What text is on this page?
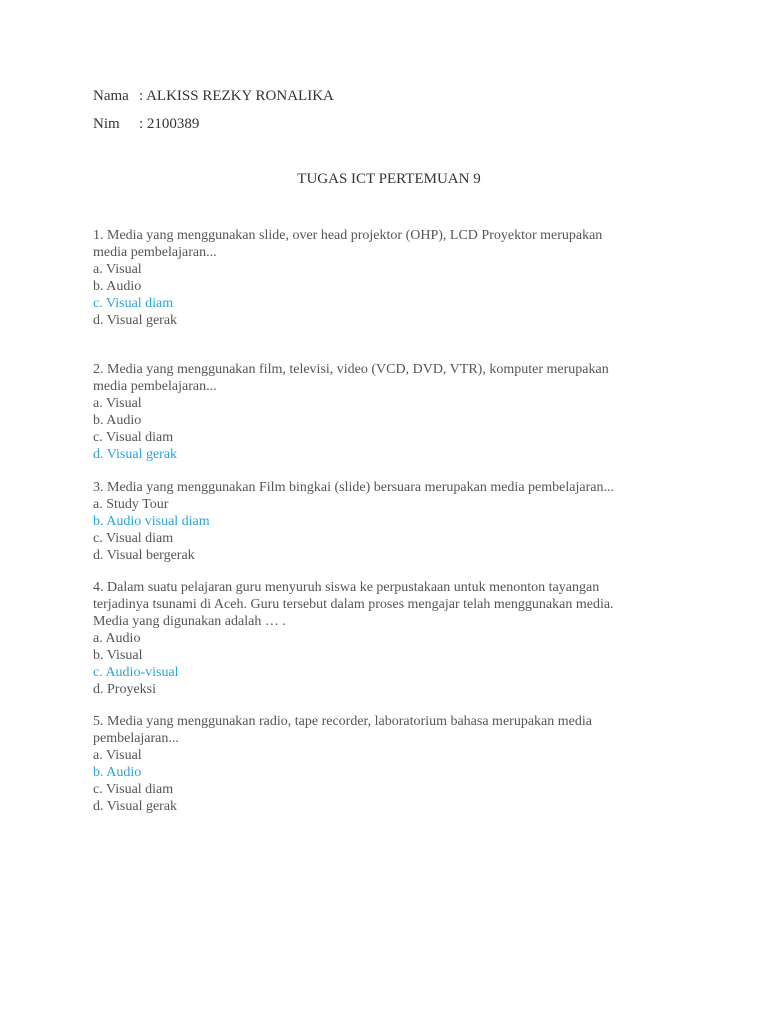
Nama : ALKISS REZKY RONALIKA
Nim : 2100389
TUGAS ICT PERTEMUAN 9
1. Media yang menggunakan slide, over head projektor (OHP), LCD Proyektor merupakan
media pembelajaran...
a. Visual
b. Audio
c. Visual diam
d. Visual gerak
2. Media yang menggunakan film, televisi, video (VCD, DVD, VTR), komputer merupakan
media pembelajaran...
a. Visual
b. Audio
c. Visual diam
d. Visual gerak
3. Media yang menggunakan Film bingkai (slide) bersuara merupakan media pembelajaran...
a. Study Tour
b. Audio visual diam
c. Visual diam
d. Visual bergerak
4. Dalam suatu pelajaran guru menyuruh siswa ke perpustakaan untuk menonton tayangan
terjadinya tsunami di Aceh. Guru tersebut dalam proses mengajar telah menggunakan media.
Media yang digunakan adalah … .
a. Audio
b. Visual
c. Audio-visual
d. Proyeksi
5. Media yang menggunakan radio, tape recorder, laboratorium bahasa merupakan media
pembelajaran...
a. Visual
b. Audio
c. Visual diam
d. Visual gerak
